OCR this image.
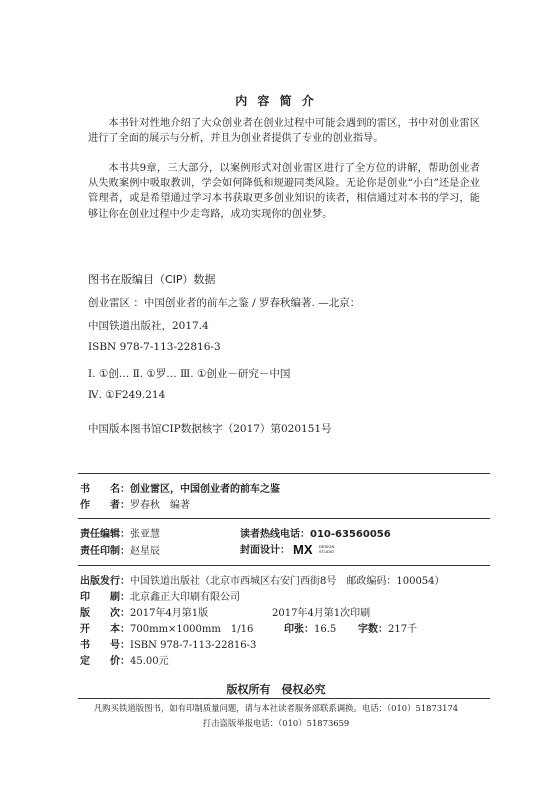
内 容 简 介
本书针对性地介绍了大众创业者在创业过程中可能会遇到的雷区，书中对创业雷区进行了全面的展示与分析，并且为创业者提供了专业的创业指导。
本书共9章，三大部分，以案例形式对创业雷区进行了全方位的讲解，帮助创业者从失败案例中吸取教训，学会如何降低和规避同类风险。无论你是创业“小白”还是企业管理者，或是希望通过学习本书获取更多创业知识的读者，相信通过对本书的学习，能够让你在创业过程中少走弯路，成功实现你的创业梦。
图书在版编目（CIP）数据
创业雷区 ：中国创业者的前车之鉴 / 罗春秋编著. —北京：
中国铁道出版社，2017.4
ISBN 978-7-113-22816-3
Ⅰ. ①创… Ⅱ. ①罗… Ⅲ. ①创业－研究－中国
Ⅳ. ①F249.214
中国版本图书馆CIP数据核字（2017）第020151号
书　　名：创业雷区，中国创业者的前车之鉴
作　　者：罗春秋　编著
责任编辑：张亚慧	读者热线电话：010-63560056
责任印制：赵星辰	封面设计： MX DESIGN
STUDIO
出版发行：中国铁道出版社（北京市西城区右安门西街8号　邮政编码：100054）
印　　刷：北京鑫正大印刷有限公司
版　　次：2017年4月第1版	2017年4月第1次印刷
开　　本：700mm×1000mm　1/16	印张：16.5 字数：217千
书　　号：ISBN 978-7-113-22816-3
定　　价：45.00元
版权所有　侵权必究
凡购买铁道版图书，如有印制质量问题，请与本社读者服务部联系调换。电话：（010）51873174
打击盗版举报电话：（010）51873659
